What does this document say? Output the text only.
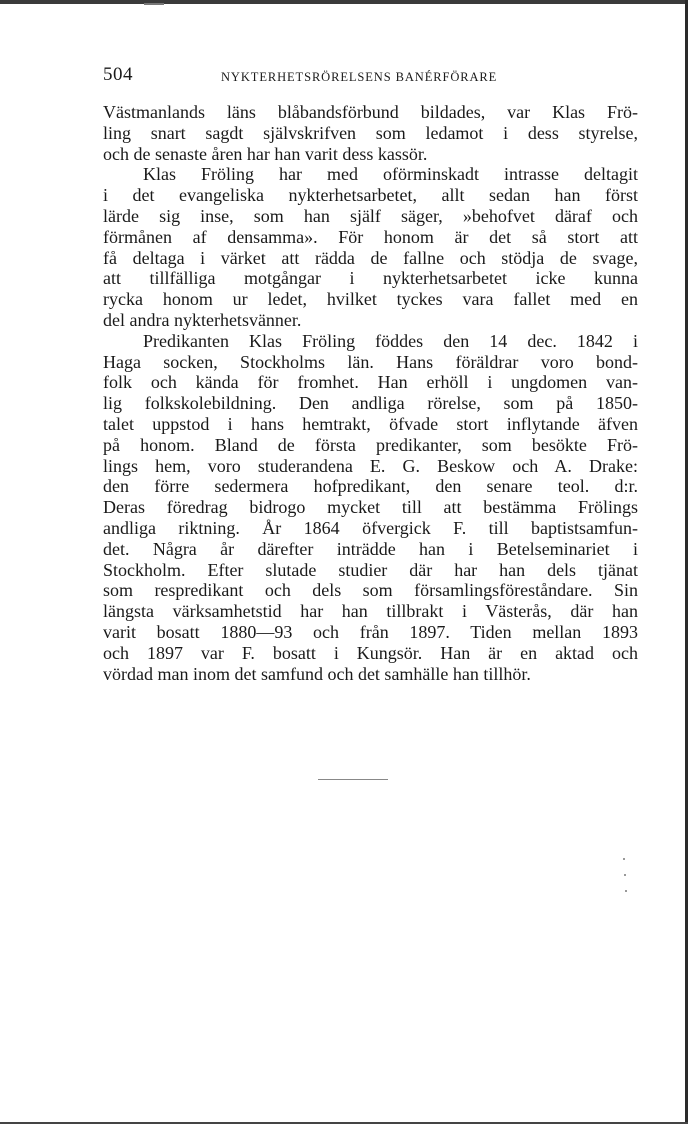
504	NYKTERHETSRÖRELSENS BANÉRFÖRARE
Västmanlands läns blåbandsförbund bildades, var Klas Frö-
ling snart sagdt självskrifven som ledamot i dess styrelse,
och de senaste åren har han varit dess kassör.
Klas Fröling har med oförminskadt intrasse deltagit
i det evangeliska nykterhetsarbetet, allt sedan han först
lärde sig inse, som han själf säger, »behofvet däraf och
förmånen af densamma». För honom är det så stort att
få deltaga i värket att rädda de fallne och stödja de svage,
att tillfälliga motgångar i nykterhetsarbetet icke kunna
rycka honom ur ledet, hvilket tyckes vara fallet med en
del andra nykterhetsvänner.
Predikanten Klas Fröling föddes den 14 dec. 1842 i
Haga socken, Stockholms län. Hans föräldrar voro bond-
folk och kända för fromhet. Han erhöll i ungdomen van-
lig folkskolebildning. Den andliga rörelse, som på 1850-
talet uppstod i hans hemtrakt, öfvade stort inflytande äfven
på honom. Bland de första predikanter, som besökte Frö-
lings hem, voro studerandena E. G. Beskow och A. Drake:
den förre sedermera hofpredikant, den senare teol. d:r.
Deras föredrag bidrogo mycket till att bestämma Frölings
andliga riktning. År 1864 öfvergick F. till baptistsamfun-
det. Några år därefter inträdde han i Betelseminariet i
Stockholm. Efter slutade studier där har han dels tjänat
som respredikant och dels som församlingsföreståndare. Sin
längsta värksamhetstid har han tillbrakt i Västerås, där han
varit bosatt 1880—93 och från 1897. Tiden mellan 1893
och 1897 var F. bosatt i Kungsör. Han är en aktad och
vördad man inom det samfund och det samhälle han tillhör.
